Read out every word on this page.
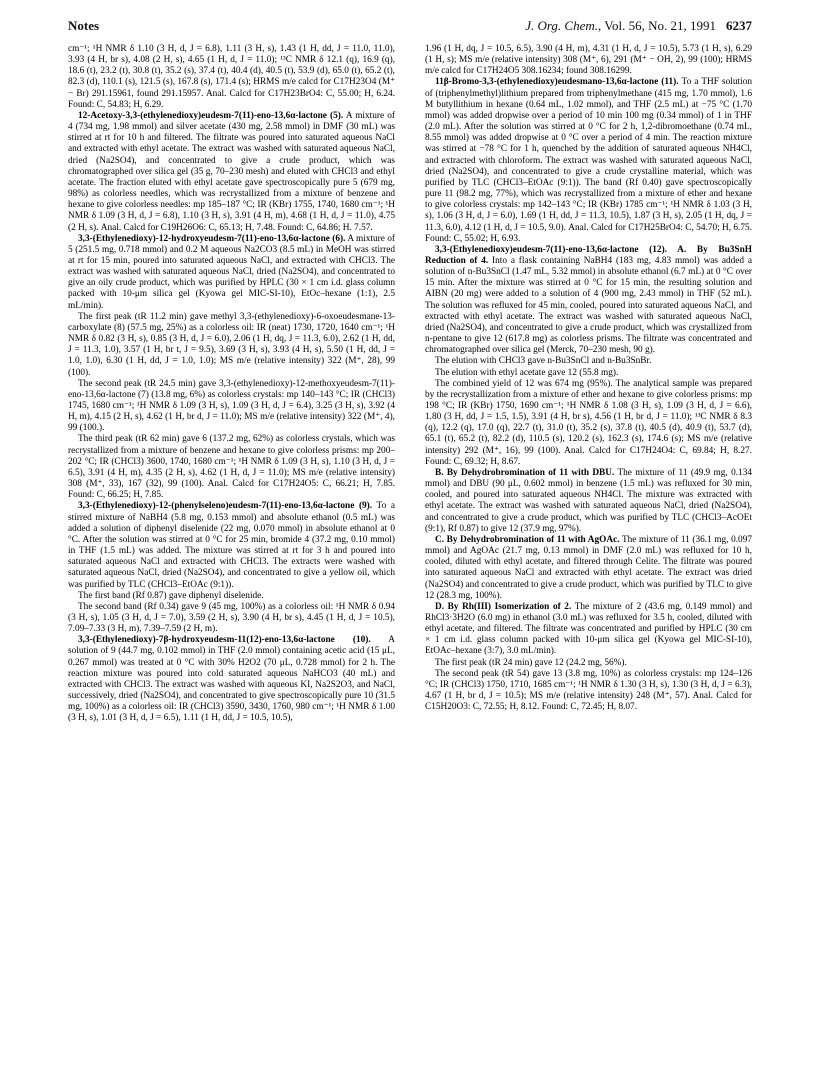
Notes	J. Org. Chem., Vol. 56, No. 21, 1991 6237

cm⁻¹; ¹H NMR δ 1.10 (3 H, d, J = 6.8), 1.11 (3 H, s), 1.43 (1 H, dd, J = 11.0, 11.0), 3.93 (4 H, br s), 4.08 (2 H, s), 4.65 (1 H, d, J = 11.0); ¹³C NMR δ 12.1 (q), 16.9 (q), 18.6 (t), 23.2 (t), 30.8 (t), 35.2 (s), 37.4 (t), 40.4 (d), 40.5 (t), 53.9 (d), 65.0 (t), 65.2 (t), 82.3 (d), 110.1 (s), 121.5 (s), 167.8 (s), 171.4 (s); HRMS m/e calcd for C17H23O4 (M⁺ − Br) 291.15961, found 291.15957. Anal. Calcd for C17H23BrO4: C, 55.00; H, 6.24. Found: C, 54.83; H, 6.29.

12-Acetoxy-3,3-(ethylenedioxy)eudesm-7(11)-eno-13,6α-lactone (5). A mixture of 4 (734 mg, 1.98 mmol) and silver acetate (430 mg, 2.58 mmol) in DMF (30 mL) was stirred at rt for 10 h and filtered. The filtrate was poured into saturated aqueous NaCl and extracted with ethyl acetate. The extract was washed with saturated aqueous NaCl, dried (Na2SO4), and concentrated to give a crude product, which was chromatographed over silica gel (35 g, 70–230 mesh) and eluted with CHCl3 and ethyl acetate. The fraction eluted with ethyl acetate gave spectroscopically pure 5 (679 mg, 98%) as colorless needles, which was recrystallized from a mixture of benzene and hexane to give colorless needles: mp 185–187 °C; IR (KBr) 1755, 1740, 1680 cm⁻¹; ¹H NMR δ 1.09 (3 H, d, J = 6.8), 1.10 (3 H, s), 3.91 (4 H, m), 4.68 (1 H, d, J = 11.0), 4.75 (2 H, s). Anal. Calcd for C19H26O6: C, 65.13; H, 7.48. Found: C, 64.86; H. 7.57.

3,3-(Ethylenedioxy)-12-hydroxyeudesm-7(11)-eno-13,6α-lactone (6). A mixture of 5 (251.5 mg, 0.718 mmol) and 0.2 M aqueous Na2CO3 (8.5 mL) in MeOH was stirred at rt for 15 min, poured into saturated aqueous NaCl, and extracted with CHCl3. The extract was washed with saturated aqueous NaCl, dried (Na2SO4), and concentrated to give an oily crude product, which was purified by HPLC (30 × 1 cm i.d. glass column packed with 10-μm silica gel (Kyowa gel MIC-SI-10), EtOc–hexane (1:1), 2.5 mL/min).

The first peak (tR 11.2 min) gave methyl 3,3-(ethylenedioxy)-6-oxoeudesmane-13-carboxylate (8) (57.5 mg, 25%) as a colorless oil: IR (neat) 1730, 1720, 1640 cm⁻¹; ¹H NMR δ 0.82 (3 H, s), 0.85 (3 H, d, J = 6.0), 2.06 (1 H, dq, J = 11.3, 6.0), 2.62 (1 H, dd, J = 11.3, 1.0), 3.57 (1 H, br t, J = 9.5), 3.69 (3 H, s), 3.93 (4 H, s), 5.50 (1 H, dd, J = 1.0, 1.0), 6.30 (1 H, dd, J = 1.0, 1.0); MS m/e (relative intensity) 322 (M⁺, 28), 99 (100).

The second peak (tR 24.5 min) gave 3,3-(ethylenedioxy)-12-methoxyeudesm-7(11)-eno-13,6α-lactone (7) (13.8 mg, 6%) as colorless crystals: mp 140–143 °C; IR (CHCl3) 1745, 1680 cm⁻¹; ¹H NMR δ 1.09 (3 H, s), 1.09 (3 H, d, J = 6.4), 3.25 (3 H, s), 3.92 (4 H, m), 4.15 (2 H, s), 4.62 (1 H, br d, J = 11.0); MS m/e (relative intensity) 322 (M⁺, 4), 99 (100.).

The third peak (tR 62 min) gave 6 (137.2 mg, 62%) as colorless crystals, which was recrystallized from a mixture of benzene and hexane to give colorless prisms: mp 200–202 °C; IR (CHCl3) 3600, 1740, 1680 cm⁻¹; ¹H NMR δ 1.09 (3 H, s), 1.10 (3 H, d, J = 6.5), 3.91 (4 H, m), 4.35 (2 H, s), 4.62 (1 H, d, J = 11.0); MS m/e (relative intensity) 308 (M⁺, 33), 167 (32), 99 (100). Anal. Calcd for C17H24O5: C, 66.21; H, 7.85. Found: C, 66.25; H, 7.85.

3,3-(Ethylenedioxy)-12-(phenylseleno)eudesm-7(11)-eno-13,6α-lactone (9). To a stirred mixture of NaBH4 (5.8 mg, 0.153 mmol) and absolute ethanol (0.5 mL) was added a solution of diphenyl diselenide (22 mg, 0.070 mmol) in absolute ethanol at 0 °C. After the solution was stirred at 0 °C for 25 min, bromide 4 (37.2 mg, 0.10 mmol) in THF (1.5 mL) was added. The mixture was stirred at rt for 3 h and poured into saturated aqueous NaCl and extracted with CHCl3. The extracts were washed with saturated aqueous NaCl, dried (Na2SO4), and concentrated to give a yellow oil, which was purified by TLC (CHCl3–EtOAc (9:1)).

The first band (Rf 0.87) gave diphenyl diselenide.

The second band (Rf 0.34) gave 9 (45 mg, 100%) as a colorless oil: ¹H NMR δ 0.94 (3 H, s), 1.05 (3 H, d, J = 7.0), 3.59 (2 H, s), 3.90 (4 H, br s), 4.45 (1 H, d, J = 10.5), 7.09–7.33 (3 H, m), 7.39–7.59 (2 H, m).

3,3-(Ethylenedioxy)-7β-hydroxyeudesm-11(12)-eno-13,6α-lactone (10). A solution of 9 (44.7 mg, 0.102 mmol) in THF (2.0 mmol) containing acetic acid (15 μL, 0.267 mmol) was treated at 0 °C with 30% H2O2 (70 μL, 0.728 mmol) for 2 h. The reaction mixture was poured into cold saturated aqueous NaHCO3 (40 mL) and extracted with CHCl3. The extract was washed with aqueous KI, Na2S2O3, and NaCl, successively, dried (Na2SO4), and concentrated to give spectroscopically pure 10 (31.5 mg, 100%) as a colorless oil: IR (CHCl3) 3590, 3430, 1760, 980 cm⁻¹; ¹H NMR δ 1.00 (3 H, s), 1.01 (3 H, d, J = 6.5), 1.11 (1 H, dd, J = 10.5, 10.5),

1.96 (1 H, dq, J = 10.5, 6.5), 3.90 (4 H, m), 4.31 (1 H, d, J = 10.5), 5.73 (1 H, s), 6.29 (1 H, s); MS m/e (relative intensity) 308 (M⁺, 6), 291 (M⁺ − OH, 2), 99 (100); HRMS m/e calcd for C17H24O5 308.16234; found 308.16299.

11β-Bromo-3,3-(ethylenedioxy)eudesmano-13,6α-lactone (11). To a THF solution of (triphenylmethyl)lithium prepared from triphenylmethane (415 mg, 1.70 mmol), 1.6 M butyllithium in hexane (0.64 mL, 1.02 mmol), and THF (2.5 mL) at −75 °C (1.70 mmol) was added dropwise over a period of 10 min 100 mg (0.34 mmol) of 1 in THF (2.0 mL). After the solution was stirred at 0 °C for 2 h, 1,2-dibromoethane (0.74 mL, 8.55 mmol) was added dropwise at 0 °C over a period of 4 min. The reaction mixture was stirred at −78 °C for 1 h, quenched by the addition of saturated aqueous NH4Cl, and extracted with chloroform. The extract was washed with saturated aqueous NaCl, dried (Na2SO4), and concentrated to give a crude crystalline material, which was purified by TLC (CHCl3–EtOAc (9:1)). The band (Rf 0.40) gave spectroscopically pure 11 (98.2 mg, 77%), which was recrystallized from a mixture of ether and hexane to give colorless crystals: mp 142–143 °C; IR (KBr) 1785 cm⁻¹; ¹H NMR δ 1.03 (3 H, s), 1.06 (3 H, d, J = 6.0), 1.69 (1 H, dd, J = 11.3, 10.5), 1.87 (3 H, s), 2.05 (1 H, dq, J = 11.3, 6.0), 4.12 (1 H, d, J = 10.5, 9.0). Anal. Calcd for C17H25BrO4: C, 54.70; H, 6.75. Found: C, 55.02; H, 6.93.

3,3-(Ethylenedioxy)eudesm-7(11)-eno-13,6α-lactone (12). A. By Bu3SnH Reduction of 4. Into a flask containing NaBH4 (183 mg, 4.83 mmol) was added a solution of n-Bu3SnCl (1.47 mL, 5.32 mmol) in absolute ethanol (6.7 mL) at 0 °C over 15 min. After the mixture was stirred at 0 °C for 15 min, the resulting solution and AIBN (20 mg) were added to a solution of 4 (900 mg, 2.43 mmol) in THF (52 mL). The solution was refluxed for 45 min, cooled, poured into saturated aqueous NaCl, and extracted with ethyl acetate. The extract was washed with saturated aqueous NaCl, dried (Na2SO4), and concentrated to give a crude product, which was crystallized from n-pentane to give 12 (617.8 mg) as colorless prisms. The filtrate was concentrated and chromatographed over silica gel (Merck, 70–230 mesh, 90 g).

The elution with CHCl3 gave n-Bu3SnCl and n-Bu3SnBr.

The elution with ethyl acetate gave 12 (55.8 mg).

The combined yield of 12 was 674 mg (95%). The analytical sample was prepared by the recrystallization from a mixture of ether and hexane to give colorless prisms: mp 198 °C; IR (KBr) 1750, 1690 cm⁻¹; ¹H NMR δ 1.08 (3 H, s), 1.09 (3 H, d, J = 6.6), 1.80 (3 H, dd, J = 1.5, 1.5), 3.91 (4 H, br s), 4.56 (1 H, br d, J = 11.0); ¹³C NMR δ 8.3 (q), 12.2 (q), 17.0 (q), 22.7 (t), 31.0 (t), 35.2 (s), 37.8 (t), 40.5 (d), 40.9 (t), 53.7 (d), 65.1 (t), 65.2 (t), 82.2 (d), 110.5 (s), 120.2 (s), 162.3 (s), 174.6 (s); MS m/e (relative intensity) 292 (M⁺, 16), 99 (100). Anal. Calcd for C17H24O4: C, 69.84; H, 8.27. Found: C, 69.32; H, 8.67.

B. By Dehydrobromination of 11 with DBU. The mixture of 11 (49.9 mg, 0.134 mmol) and DBU (90 μL, 0.602 mmol) in benzene (1.5 mL) was refluxed for 30 min, cooled, and poured into saturated aqueous NH4Cl. The mixture was extracted with ethyl acetate. The extract was washed with saturated aqueous NaCl, dried (Na2SO4), and concentrated to give a crude product, which was purified by TLC (CHCl3–AcOEt (9:1), Rf 0.87) to give 12 (37.9 mg, 97%).

C. By Dehydrobromination of 11 with AgOAc. The mixture of 11 (36.1 mg, 0.097 mmol) and AgOAc (21.7 mg, 0.13 mmol) in DMF (2.0 mL) was refluxed for 10 h, cooled, diluted with ethyl acetate, and filtered through Celite. The filtrate was poured into saturated aqueous NaCl and extracted with ethyl acetate. The extract was dried (Na2SO4) and concentrated to give a crude product, which was purified by TLC to give 12 (28.3 mg, 100%).

D. By Rh(III) Isomerization of 2. The mixture of 2 (43.6 mg, 0.149 mmol) and RhCl3·3H2O (6.0 mg) in ethanol (3.0 mL) was refluxed for 3.5 h, cooled, diluted with ethyl acetate, and filtered. The filtrate was concentrated and purified by HPLC (30 cm × 1 cm i.d. glass column packed with 10-μm silica gel (Kyowa gel MIC-SI-10), EtOAc–hexane (3:7), 3.0 mL/min).

The first peak (tR 24 min) gave 12 (24.2 mg, 56%).

The second peak (tR 54) gave 13 (3.8 mg, 10%) as colorless crystals: mp 124–126 °C; IR (CHCl3) 1750, 1710, 1685 cm⁻¹; ¹H NMR δ 1.30 (3 H, s), 1.30 (3 H, d, J = 6.3), 4.67 (1 H, br d, J = 10.5); MS m/e (relative intensity) 248 (M⁺, 57). Anal. Calcd for C15H20O3: C, 72.55; H, 8.12. Found: C, 72.45; H, 8.07.
